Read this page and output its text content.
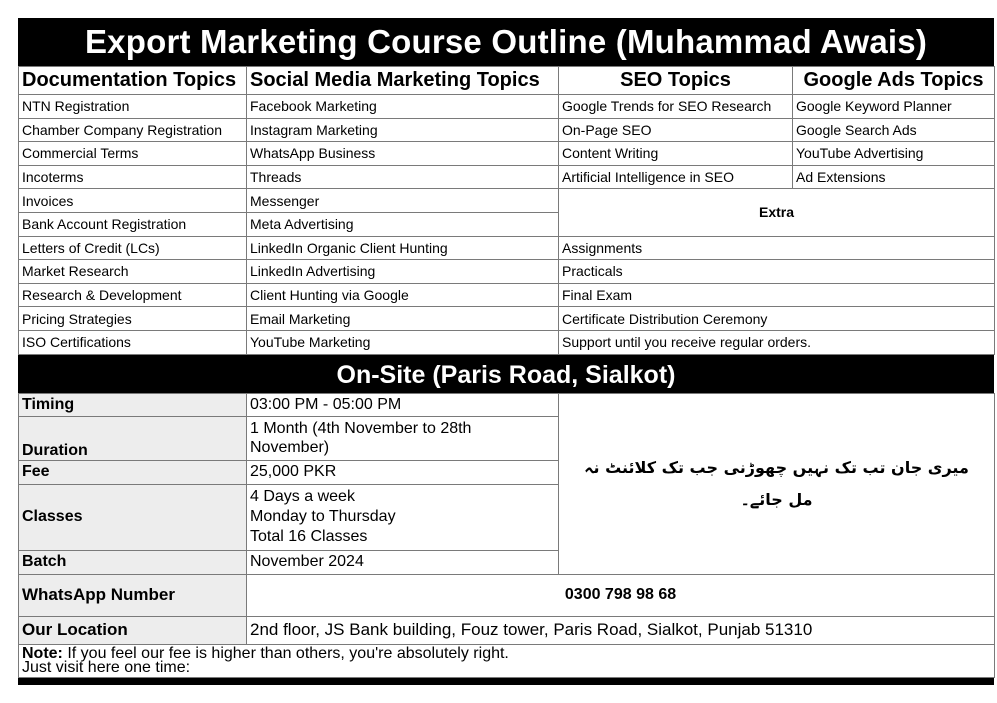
Export Marketing Course Outline (Muhammad Awais)
Documentation Topics	Social Media Marketing Topics	SEO Topics	Google Ads Topics
NTN Registration	Facebook Marketing	Google Trends for SEO Research	Google Keyword Planner
Chamber Company Registration	Instagram Marketing	On-Page SEO	Google Search Ads
Commercial Terms	WhatsApp Business	Content Writing	YouTube Advertising
Incoterms	Threads	Artificial Intelligence in SEO	Ad Extensions
Invoices	Messenger	Extra	
Bank Account Registration	Meta Advertising		
Letters of Credit (LCs)	LinkedIn Organic Client Hunting	Assignments	
Market Research	LinkedIn Advertising	Practicals	
Research & Development	Client Hunting via Google	Final Exam	
Pricing Strategies	Email Marketing	Certificate Distribution Ceremony	
ISO Certifications	YouTube Marketing	Support until you receive regular orders.	
On-Site (Paris Road, Sialkot)
Timing	03:00 PM - 05:00 PM	میری جان تب تک نہیں چھوڑنی جب تک کلائنٹ نہ مل جائے۔
Duration	1 Month (4th November to 28th November)	
Fee	25,000 PKR	
Classes	4 Days a week
Monday to Thursday
Total 16 Classes	

Batch	November 2024	
WhatsApp Number	0300 798 98 68	
Our Location	2nd floor, JS Bank building, Fouz tower, Paris Road, Sialkot, Punjab 51310	

Note: If you feel our fee is higher than others, you're absolutely right.
Just visit here one time:		
